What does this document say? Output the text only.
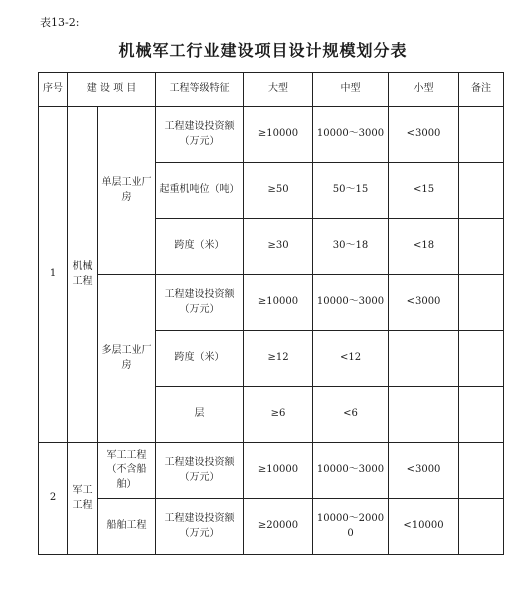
表13-2:
机械军工行业建设项目设计规模划分表
序号	建 设 项 目		工程等级特征	大型	中型	小型	备注
1	机械工程	单层工业厂房	工程建设投资额（万元）	≥10000	10000～3000	<3000	
			起重机吨位（吨）	≥50	50～15	<15	
			跨度（米）	≥30	30～18	<18	
		多层工业厂房	工程建设投资额（万元）	≥10000	10000～3000	<3000	
			跨度（米）	≥12	<12		
			层	≥6	<6		
2	军工工程	军工工程（不含船舶）	工程建设投资额（万元）	≥10000	10000～3000	<3000	
		船舶工程	工程建设投资额（万元）	≥20000	10000～20000	<10000	
